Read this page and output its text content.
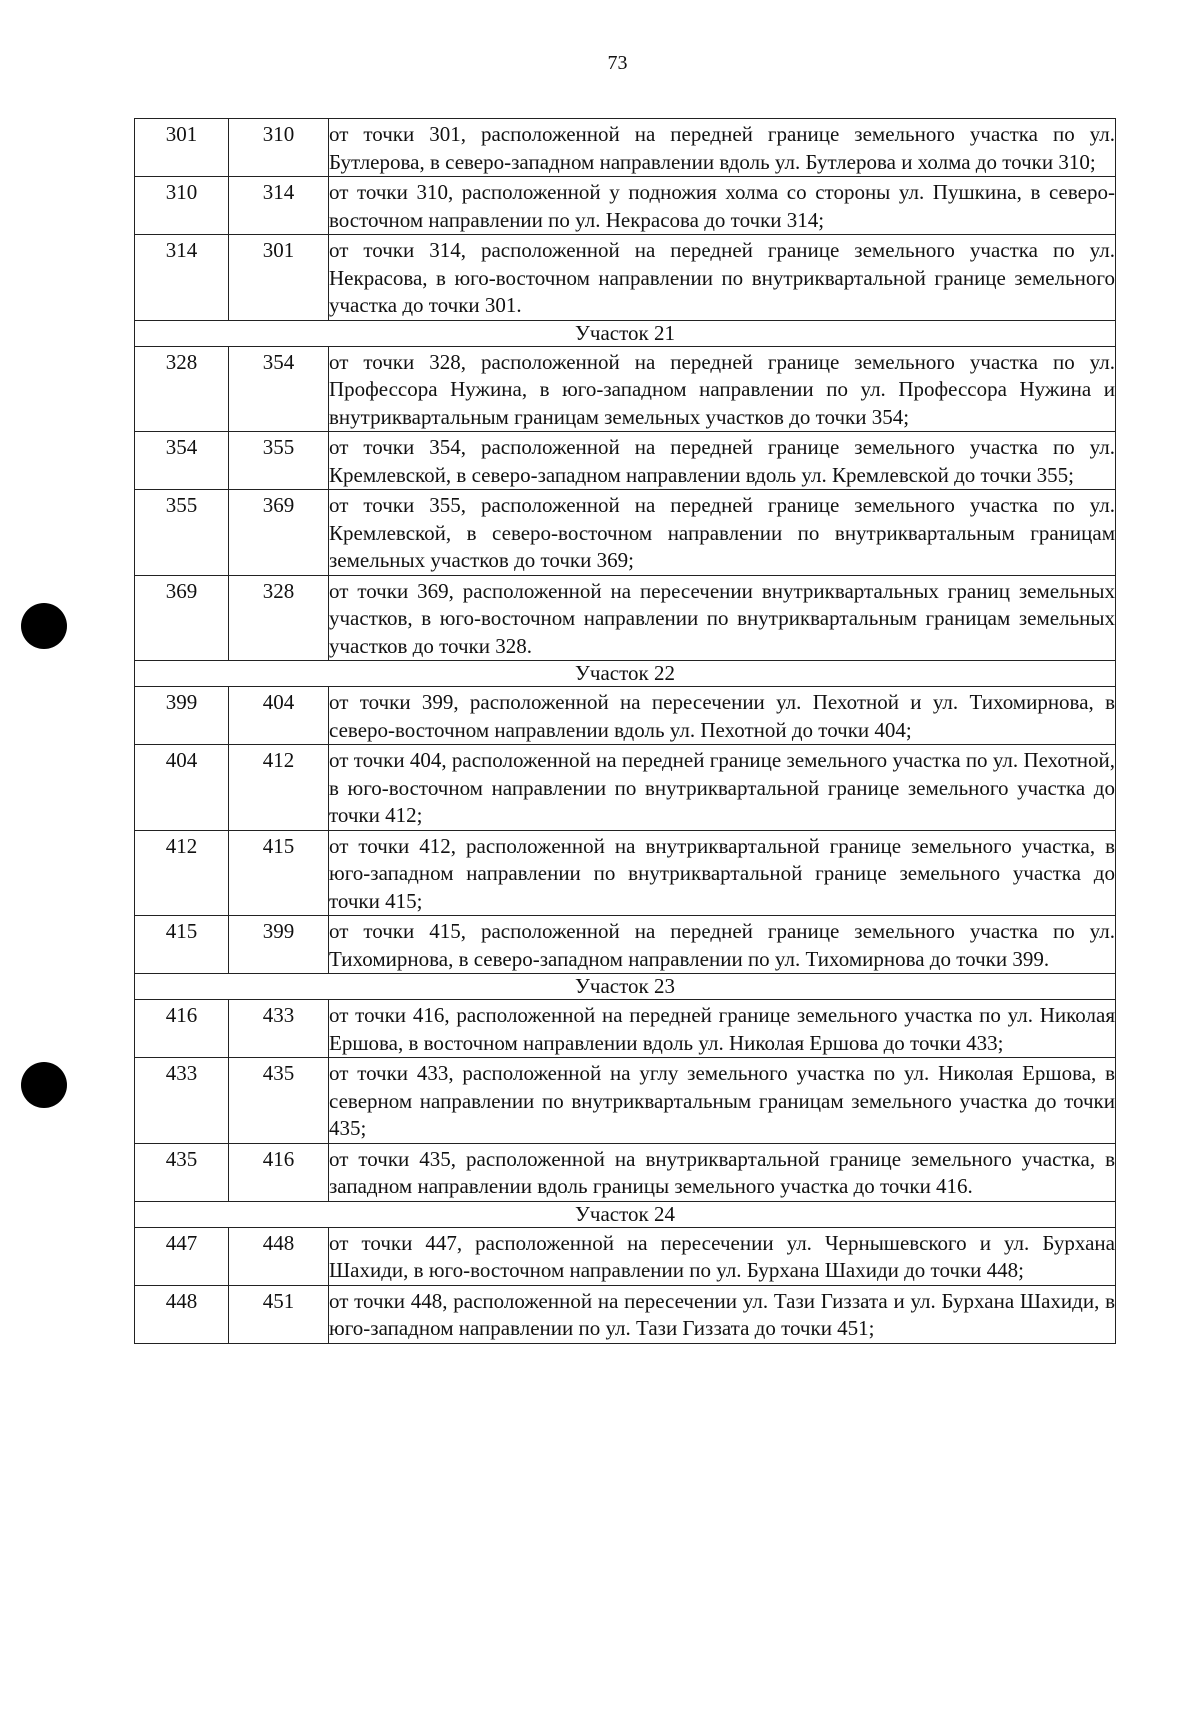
73
301	310	от точки 301, расположенной на передней границе земельного участка по ул. Бутлерова, в северо-западном направлении вдоль ул. Бутлерова и холма до точки 310;
310	314	от точки 310, расположенной у подножия холма со стороны ул. Пушкина, в северо-восточном направлении по ул. Некрасова до точки 314;
314	301	от точки 314, расположенной на передней границе земельного участка по ул. Некрасова, в юго-восточном направлении по внутриквартальной границе земельного участка до точки 301.
Участок 21		
328	354	от точки 328, расположенной на передней границе земельного участка по ул. Профессора Нужина, в юго-западном направлении по ул. Профессора Нужина и внутриквартальным границам земельных участков до точки 354;
354	355	от точки 354, расположенной на передней границе земельного участка по ул. Кремлевской, в северо-западном направлении вдоль ул. Кремлевской до точки 355;
355	369	от точки 355, расположенной на передней границе земельного участка по ул. Кремлевской, в северо-восточном направлении по внутриквартальным границам земельных участков до точки 369;
369	328	от точки 369, расположенной на пересечении внутриквартальных границ земельных участков, в юго-восточном направлении по внутриквартальным границам земельных участков до точки 328.
Участок 22		
399	404	от точки 399, расположенной на пересечении ул. Пехотной и ул. Тихомирнова, в северо-восточном направлении вдоль ул. Пехотной до точки 404;
404	412	от точки 404, расположенной на передней границе земельного участка по ул. Пехотной, в юго-восточном направлении по внутриквартальной границе земельного участка до точки 412;
412	415	от точки 412, расположенной на внутриквартальной границе земельного участка, в юго-западном направлении по внутриквартальной границе земельного участка до точки 415;
415	399	от точки 415, расположенной на передней границе земельного участка по ул. Тихомирнова, в северо-западном направлении по ул. Тихомирнова до точки 399.
Участок 23		
416	433	от точки 416, расположенной на передней границе земельного участка по ул. Николая Ершова, в восточном направлении вдоль ул. Николая Ершова до точки 433;
433	435	от точки 433, расположенной на углу земельного участка по ул. Николая Ершова, в северном направлении по внутриквартальным границам земельного участка до точки 435;
435	416	от точки 435, расположенной на внутриквартальной границе земельного участка, в западном направлении вдоль границы земельного участка до точки 416.
Участок 24		
447	448	от точки 447, расположенной на пересечении ул. Чернышевского и ул. Бурхана Шахиди, в юго-восточном направлении по ул. Бурхана Шахиди до точки 448;
448	451	от точки 448, расположенной на пересечении ул. Тази Гиззата и ул. Бурхана Шахиди, в юго-западном направлении по ул. Тази Гиззата до точки 451;
